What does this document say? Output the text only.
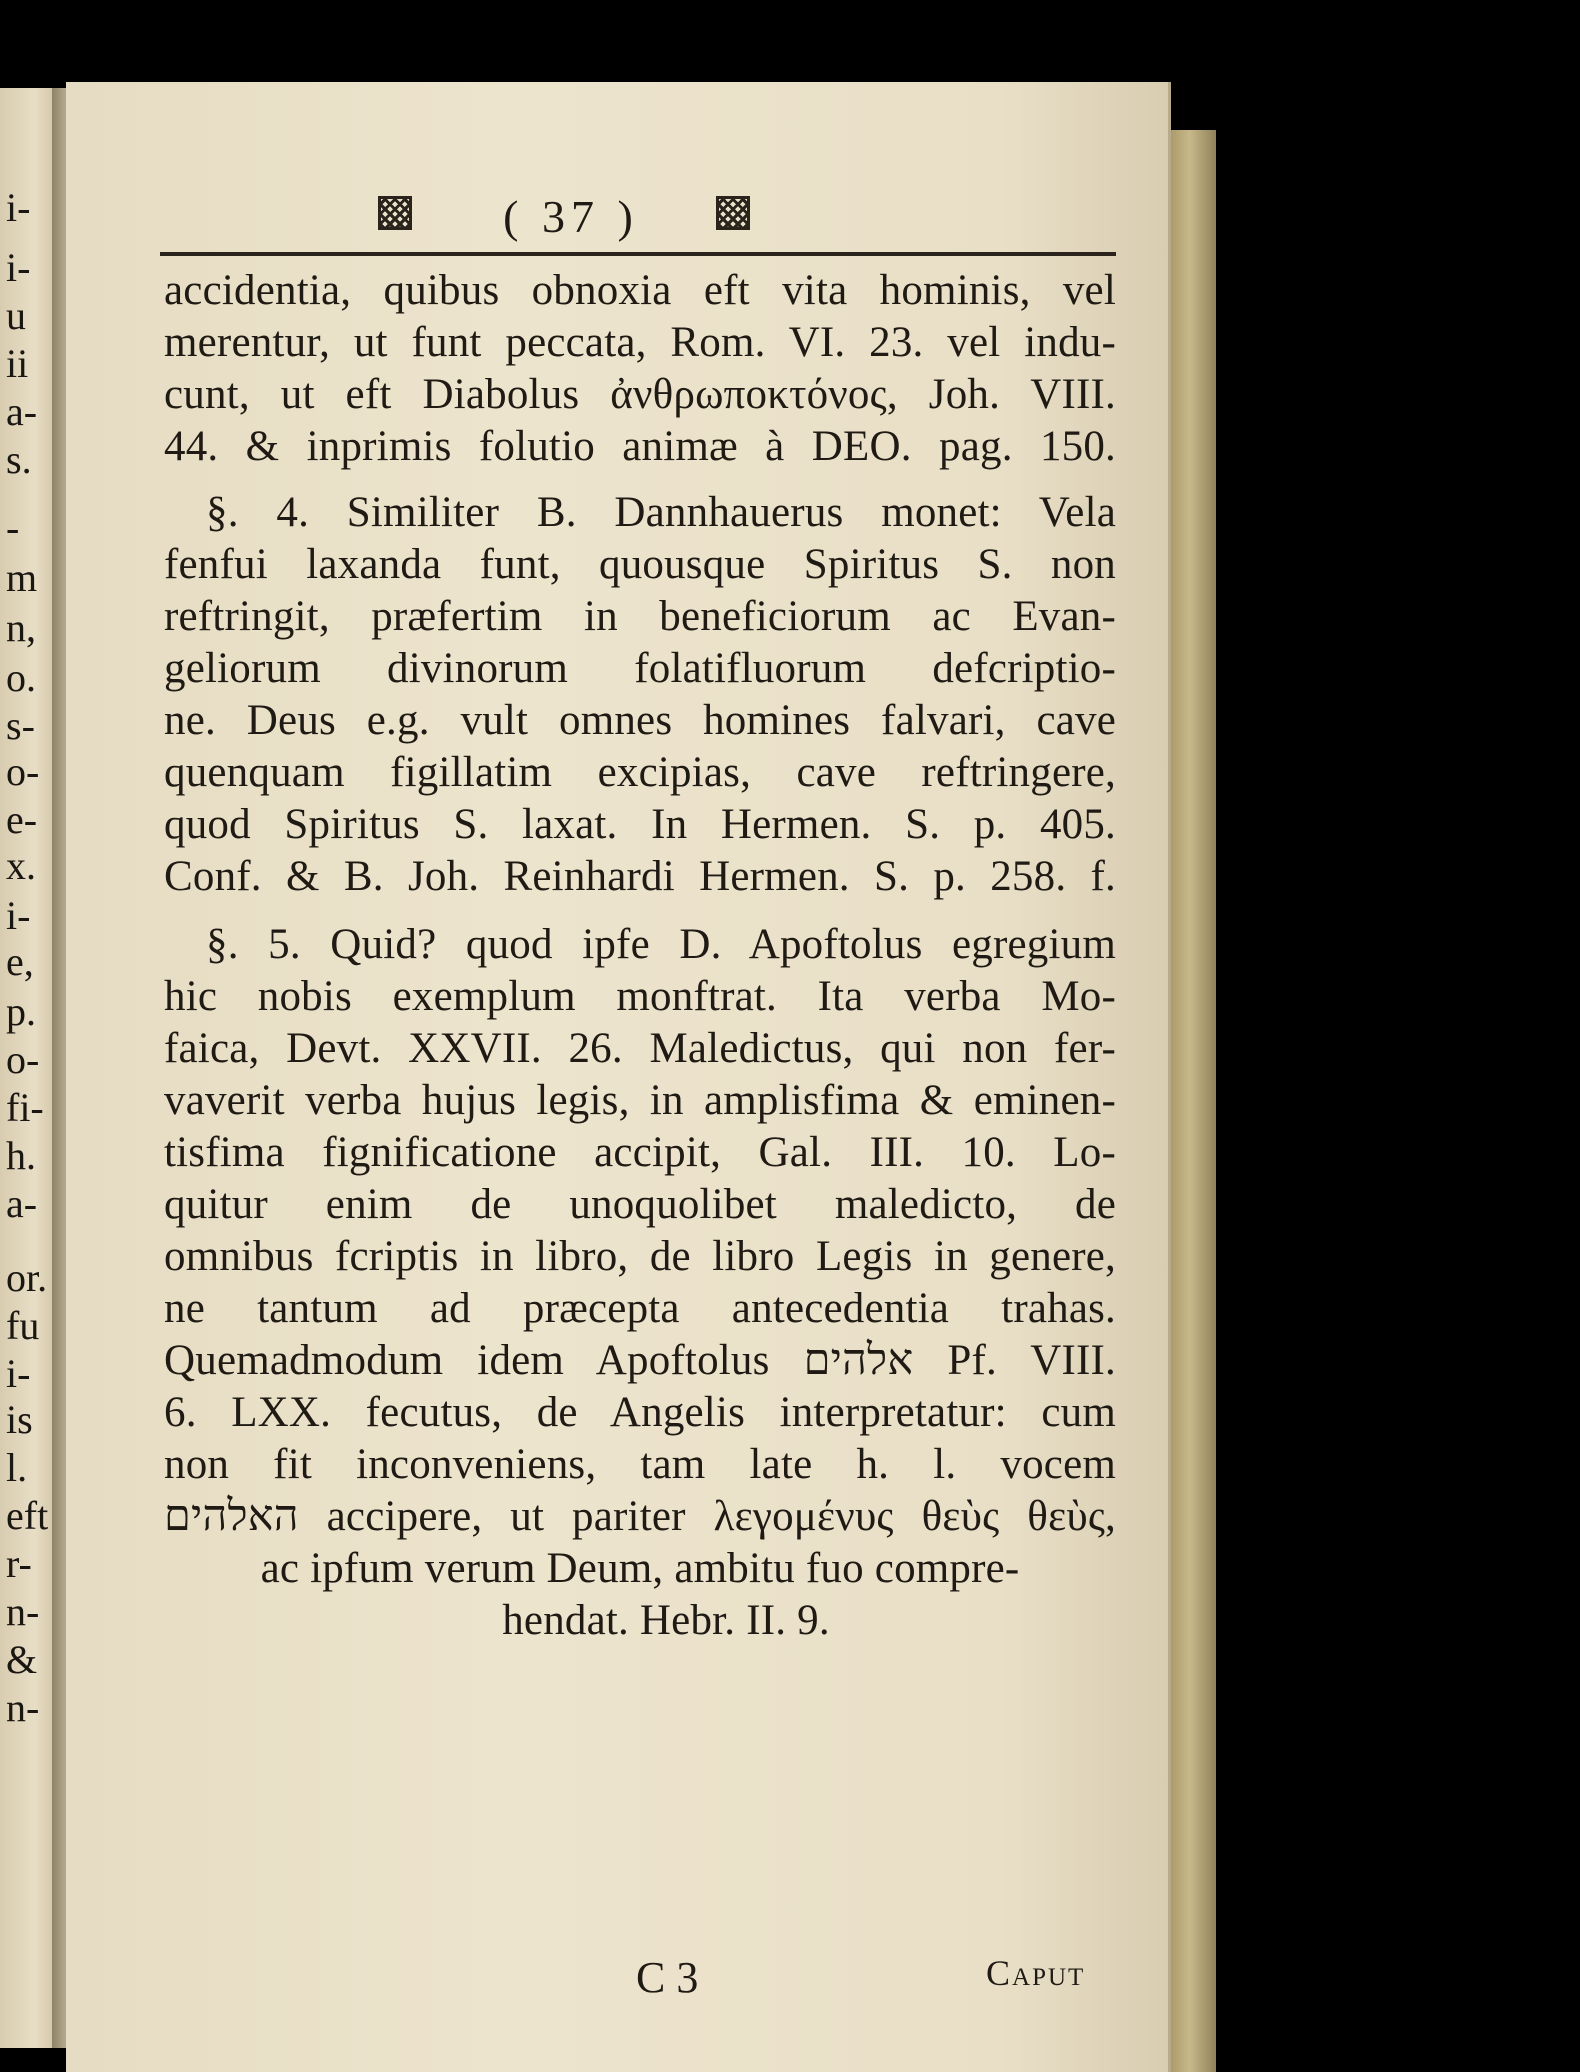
i-
i-
u
ii
a-
s.
-
m
n,
o.
s-
o-
e-
x.
i-
e,
p.
o-
fi-
h.
a-
or.
fu
i-
is
l.
eft
r-
n-
&
n-
( 37 )
accidentia, quibus obnoxia eft vita hominis, vel
merentur, ut funt peccata, Rom. VI. 23. vel indu-
cunt, ut eft Diabolus ἀνθρωποκτόνος, Joh. VIII.
44. & inprimis folutio animæ à DEO. pag. 150.
§. 4. Similiter B. Dannhauerus monet: Vela
fenfui laxanda funt, quousque Spiritus S. non
reftringit, præfertim in beneficiorum ac Evan-
geliorum divinorum folatifluorum defcriptio-
ne. Deus e.g. vult omnes homines falvari, cave
quenquam figillatim excipias, cave reftringere,
quod Spiritus S. laxat. In Hermen. S. p. 405.
Conf. & B. Joh. Reinhardi Hermen. S. p. 258. f.
§. 5. Quid? quod ipfe D. Apoftolus egregium
hic nobis exemplum monftrat. Ita verba Mo-
faica, Devt. XXVII. 26. Maledictus, qui non fer-
vaverit verba hujus legis, in amplisfima & eminen-
tisfima fignificatione accipit, Gal. III. 10. Lo-
quitur enim de unoquolibet maledicto, de
omnibus fcriptis in libro, de libro Legis in genere,
ne tantum ad præcepta antecedentia trahas.
Quemadmodum idem Apoftolus אלהים Pf. VIII.
6. LXX. fecutus, de Angelis interpretatur: cum
non fit inconveniens, tam late h. l. vocem
האלהים accipere, ut pariter λεγομένυς θεὺς θεὺς,
ac ipfum verum Deum, ambitu fuo compre-
hendat. Hebr. II. 9.
C 3	Caput
